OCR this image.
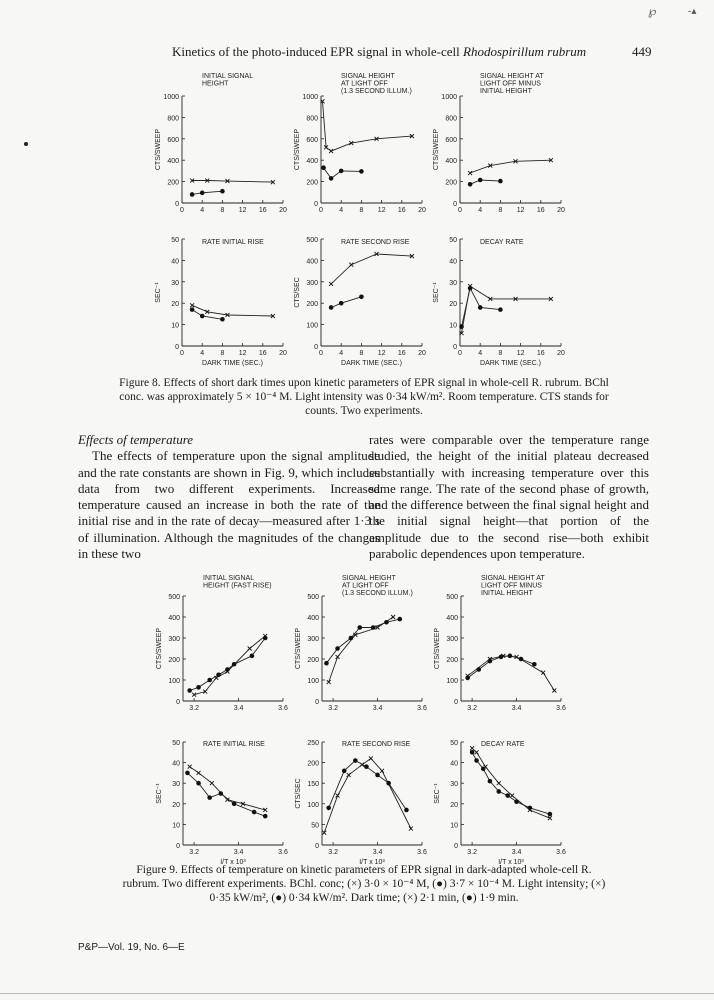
℘	-▴
Kinetics of the photo-induced EPR signal in whole-cell Rhodospirillum rubrum	449
0
200
400
600
800
1000
0 4 8 12 16 20
CTS/SWEEP
INITIAL SIGNAL
HEIGHT
0
200
400
600
800
1000
0 4 8 12 16 20
CTS/SWEEP
SIGNAL HEIGHT
AT LIGHT OFF
(1.3 SECOND ILLUM.)
0
200
400
600
800
1000
0 4 8 12 16 20
CTS/SWEEP
SIGNAL HEIGHT AT
LIGHT OFF MINUS
INITIAL HEIGHT
0
10
20
30
40
50
0 4 8 12 16 20
SEC⁻¹
DARK TIME (SEC.)
RATE INITIAL RISE
0
100
200
300
400
500
0 4 8 12 16 20
CTS/SEC
DARK TIME (SEC.)
RATE SECOND RISE
0
10
20
30
40
50
0 4 8 12 16 20
SEC⁻¹
DARK TIME (SEC.)
DECAY RATE
Figure 8. Effects of short dark times upon kinetic parameters of EPR signal in whole-cell R. rubrum. BChl conc. was approximately 5 × 10⁻⁴ M. Light intensity was 0·34 kW/m². Room temperature. CTS stands for counts. Two experiments.
Effects of temperature
The effects of temperature upon the signal amplitude and the rate constants are shown in Fig. 9, which includes data from two different experiments. Increased temperature caused an increase in both the rate of the initial rise and in the rate of decay—measured after 1·3 s of illumination. Although the magnitudes of the changes in these two
rates were comparable over the temperature range studied, the height of the initial plateau decreased substantially with increasing temperature over this same range. The rate of the second phase of growth, and the difference between the final signal height and the initial signal height—that portion of the amplitude due to the second rise—both exhibit parabolic dependences upon temperature.
0
100
200
300
400
500
3.2	3.4	3.6
CTS/SWEEP
INITIAL SIGNAL
HEIGHT (FAST RISE)
0
100
200
300
400
500
3.2	3.4	3.6
CTS/SWEEP
SIGNAL HEIGHT
AT LIGHT OFF
(1.3 SECOND ILLUM.)
0
100
200
300
400
500
3.2	3.4	3.6
CTS/SWEEP
SIGNAL HEIGHT AT
LIGHT OFF MINUS
INITIAL HEIGHT
0
10
20
30
40
50
3.2	3.4	3.6
SEC⁻¹
I/T x 10³
RATE INITIAL RISE
0
50
100
150
200
250
3.2	3.4	3.6
CTS/SEC
I/T x 10³
RATE SECOND RISE
0
10
20
30
40
50
3.2	3.4	3.6
SEC⁻¹
I/T x 10³
DECAY RATE
Figure 9. Effects of temperature on kinetic parameters of EPR signal in dark-adapted whole-cell R. rubrum. Two different experiments. BChl. conc; (×) 3·0 × 10⁻⁴ M, (●) 3·7 × 10⁻⁴ M. Light intensity; (×) 0·35 kW/m², (●) 0·34 kW/m². Dark time; (×) 2·1 min, (●) 1·9 min.
P&P—Vol. 19, No. 6—E
